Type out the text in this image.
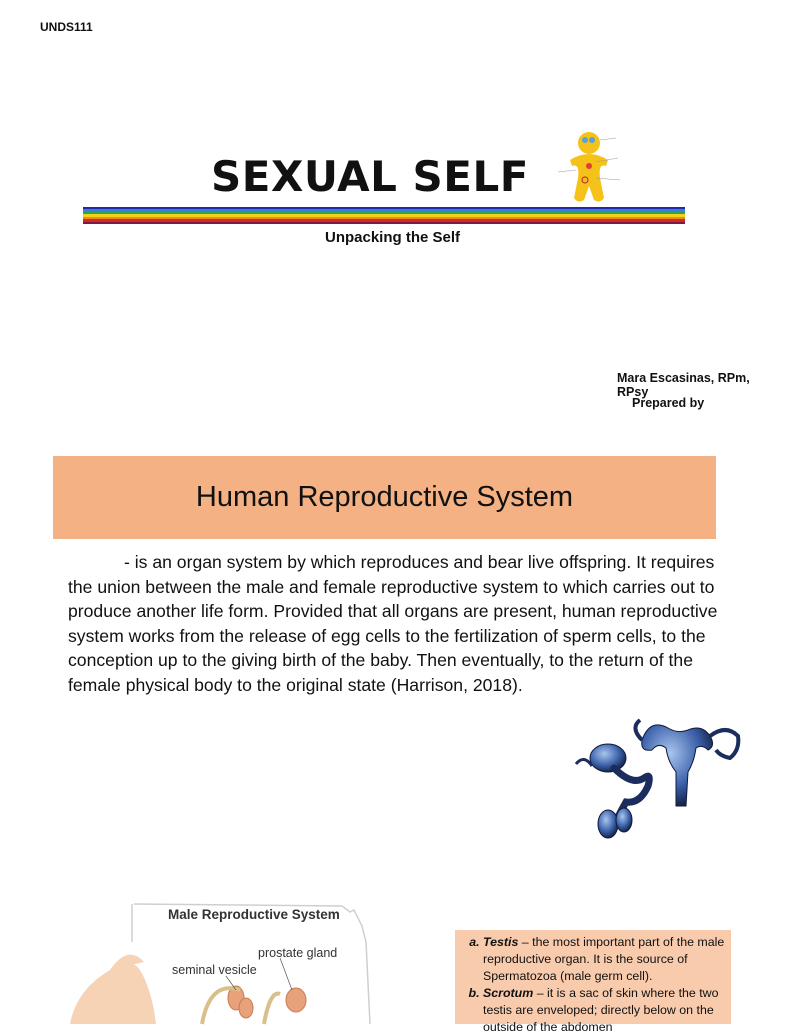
UNDS111
SEXUAL SELF
Unpacking the Self
Mara Escasinas, RPm, RPsy
Prepared by
Human Reproductive System
- is an organ system by which reproduces and bear live offspring. It requires the union between the male and female reproductive system to which carries out to produce another life form. Provided that all organs are present, human reproductive system works from the release of egg cells to the fertilization of sperm cells, to the conception up to the giving birth of the baby. Then eventually, to the return of the female physical body to the original state (Harrison, 2018).
Male Reproductive System
prostate gland
seminal vesicle
a. Testis – the most important part of the male reproductive organ. It is the source of Spermatozoa (male germ cell).
b. Scrotum – it is a sac of skin where the two testis are enveloped; directly below on the outside of the abdomen
